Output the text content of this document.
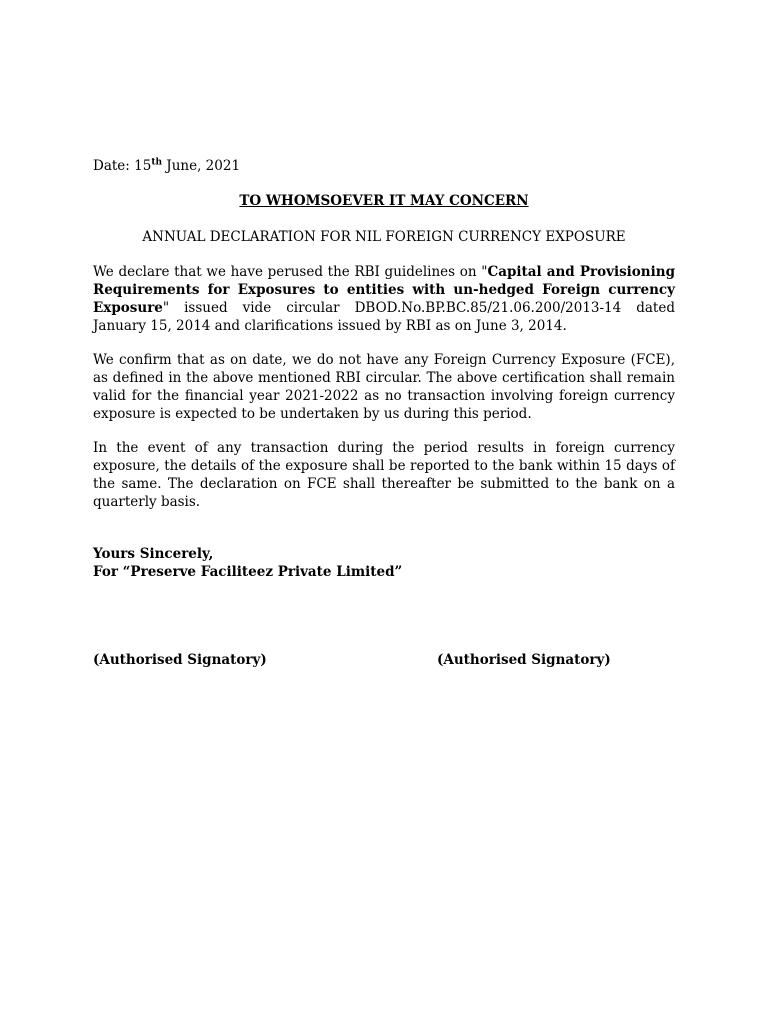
Date: 15th June, 2021
TO WHOMSOEVER IT MAY CONCERN
ANNUAL DECLARATION FOR NIL FOREIGN CURRENCY EXPOSURE
We declare that we have perused the RBI guidelines on "Capital and Provisioning Requirements for Exposures to entities with un-hedged Foreign currency Exposure" issued vide circular DBOD.No.BP.BC.85/21.06.200/2013-14 dated January 15, 2014 and clarifications issued by RBI as on June 3, 2014.
We confirm that as on date, we do not have any Foreign Currency Exposure (FCE), as defined in the above mentioned RBI circular. The above certification shall remain valid for the financial year 2021-2022 as no transaction involving foreign currency exposure is expected to be undertaken by us during this period.
In the event of any transaction during the period results in foreign currency exposure, the details of the exposure shall be reported to the bank within 15 days of the same. The declaration on FCE shall thereafter be submitted to the bank on a quarterly basis.
Yours Sincerely,
For “Preserve Faciliteez Private Limited”
(Authorised Signatory)	(Authorised Signatory)
